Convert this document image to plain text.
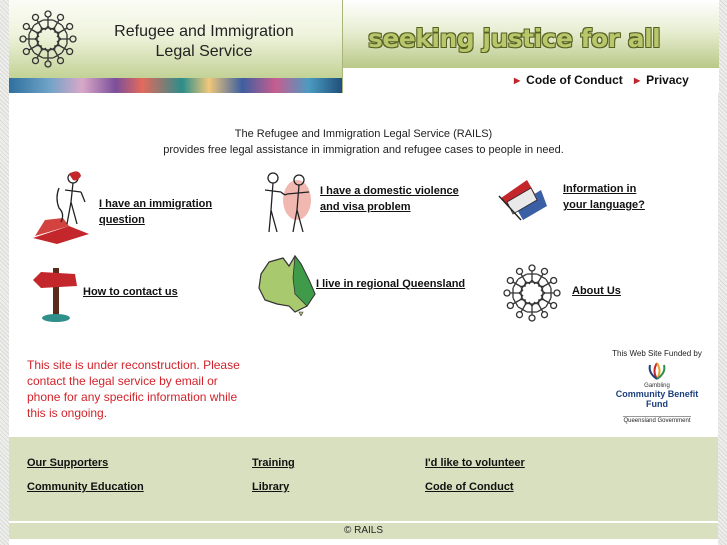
Refugee and Immigration
Legal Service	seeking justice for all
▶ Code of Conduct ▶ Privacy
The Refugee and Immigration Legal Service (RAILS)
provides free legal assistance in immigration and refugee cases to people in need.
I have an immigration
question
I have a domestic violence
and visa problem
Information in
your language?
How to contact us
I live in regional Queensland
About Us
This site is under reconstruction. Please contact the legal service by email or phone for any specific information while this is ongoing.
This Web Site Funded by
Gambling
Community Benefit Fund
Queensland Government
Our Supporters	Training	I'd like to volunteer
Community Education	Library	Code of Conduct
© RAILS
